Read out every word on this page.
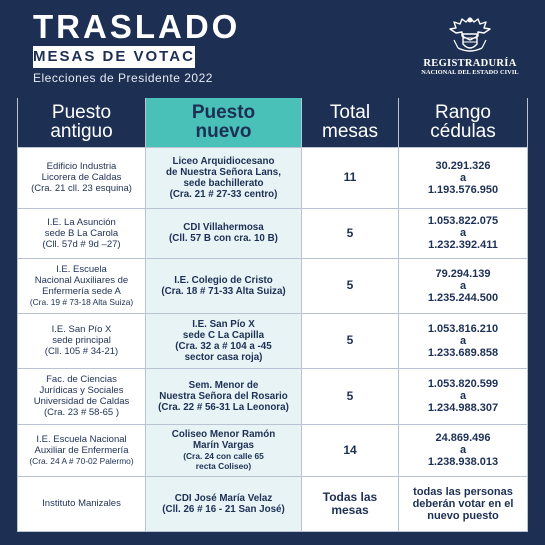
TRASLADO
MESAS DE VOTACIÓN
Elecciones de Presidente 2022
REGISTRADURÍA
NACIONAL DEL ESTADO CIVIL
Puesto
antiguo	Puesto
nuevo	Total
mesas	Rango
cédulas

Edificio Industria
Licorera de Caldas
(Cra. 21 cll. 23 esquina)	Liceo Arquidiocesano
de Nuestra Señora Lans,
sede bachillerato
(Cra. 21 # 27-33 centro)	11	30.291.326
a
1.193.576.950

I.E. La Asunción
sede B La Carola
(Cll. 57d # 9d –27)	CDI Villahermosa
(Cll. 57 B con cra. 10 B)	5	1.053.822.075
a
1.232.392.411

I.E. Escuela
Nacional Auxiliares de
Enfermería sede A
(Cra. 19 # 73-18 Alta Suiza)	I.E. Colegio de Cristo
(Cra. 18 # 71-33 Alta Suiza)	5	79.294.139
a
1.235.244.500

I.E. San Pío X
sede principal
(Cll. 105 # 34-21)	I.E. San Pío X
sede C La Capilla
(Cra. 32 a # 104 a -45
sector casa roja)	5	1.053.816.210
a
1.233.689.858

Fac. de Ciencias
Jurídicas y Sociales
Universidad de Caldas
(Cra. 23 # 58-65 )	Sem. Menor de
Nuestra Señora del Rosario
(Cra. 22 # 56-31 La Leonora)	5	1.053.820.599
a
1.234.988.307

I.E. Escuela Nacional
Auxiliar de Enfermería
(Cra. 24 A # 70-02 Palermo)	Coliseo Menor Ramón
Marín Vargas
(Cra. 24 con calle 65
recta Coliseo)	14	24.869.496
a
1.238.938.013

Instituto Manizales	CDI José María Velaz
(Cll. 26 # 16 - 21 San José)	Todas las
mesas	todas las personas
deberán votar en el
nuevo puesto
